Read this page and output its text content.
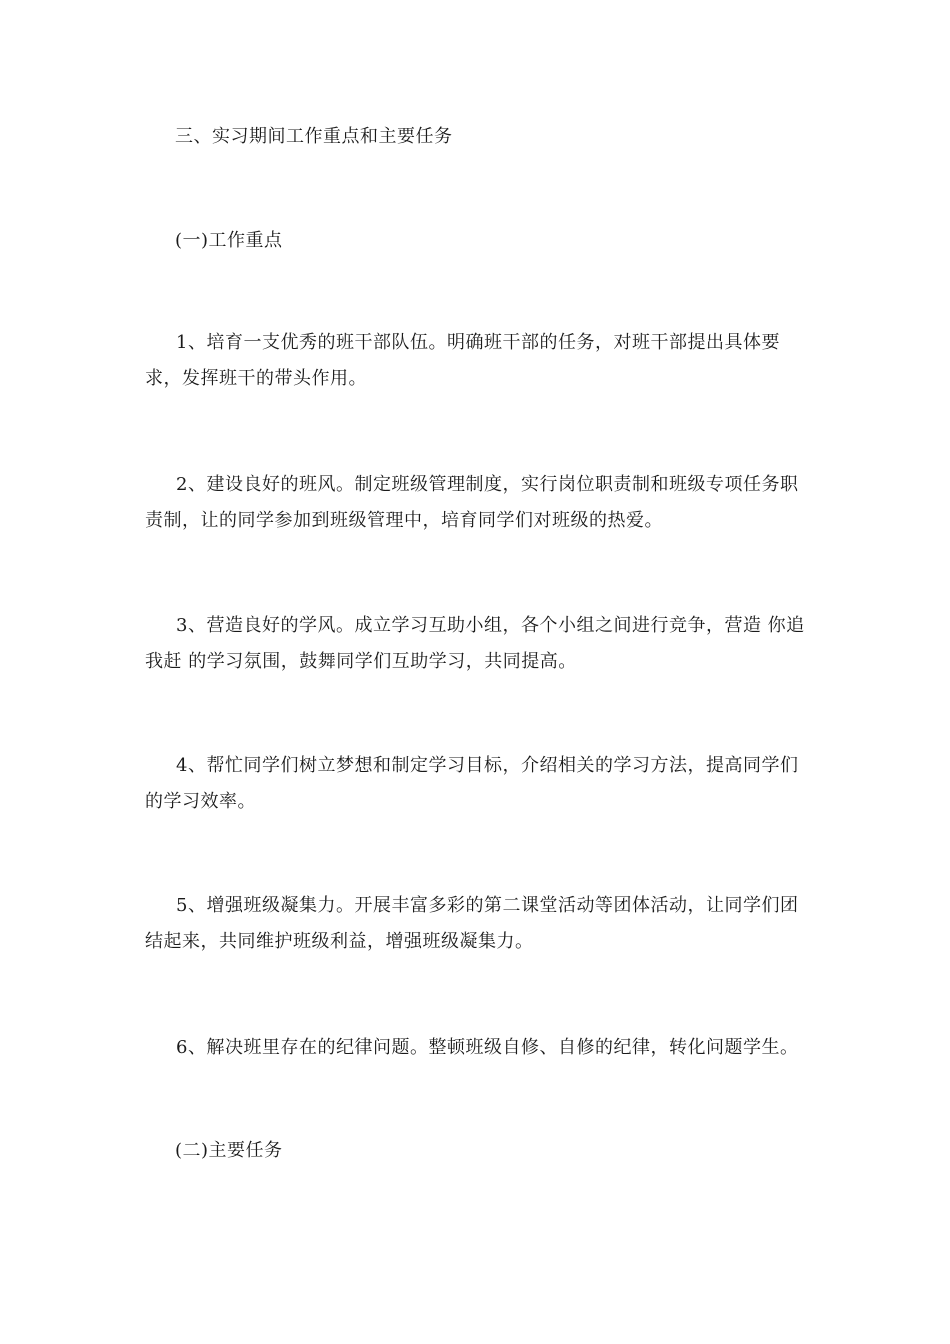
三、实习期间工作重点和主要任务

(一)工作重点

1、培育一支优秀的班干部队伍。明确班干部的任务，对班干部提出具体要求，发挥班干的带头作用。

2、建设良好的班风。制定班级管理制度，实行岗位职责制和班级专项任务职责制，让的同学参加到班级管理中，培育同学们对班级的热爱。

3、营造良好的学风。成立学习互助小组，各个小组之间进行竞争，营造 你追我赶 的学习氛围，鼓舞同学们互助学习，共同提高。

4、帮忙同学们树立梦想和制定学习目标，介绍相关的学习方法，提高同学们的学习效率。

5、增强班级凝集力。开展丰富多彩的第二课堂活动等团体活动，让同学们团结起来，共同维护班级利益，增强班级凝集力。

6、解决班里存在的纪律问题。整顿班级自修、自修的纪律，转化问题学生。

(二)主要任务
